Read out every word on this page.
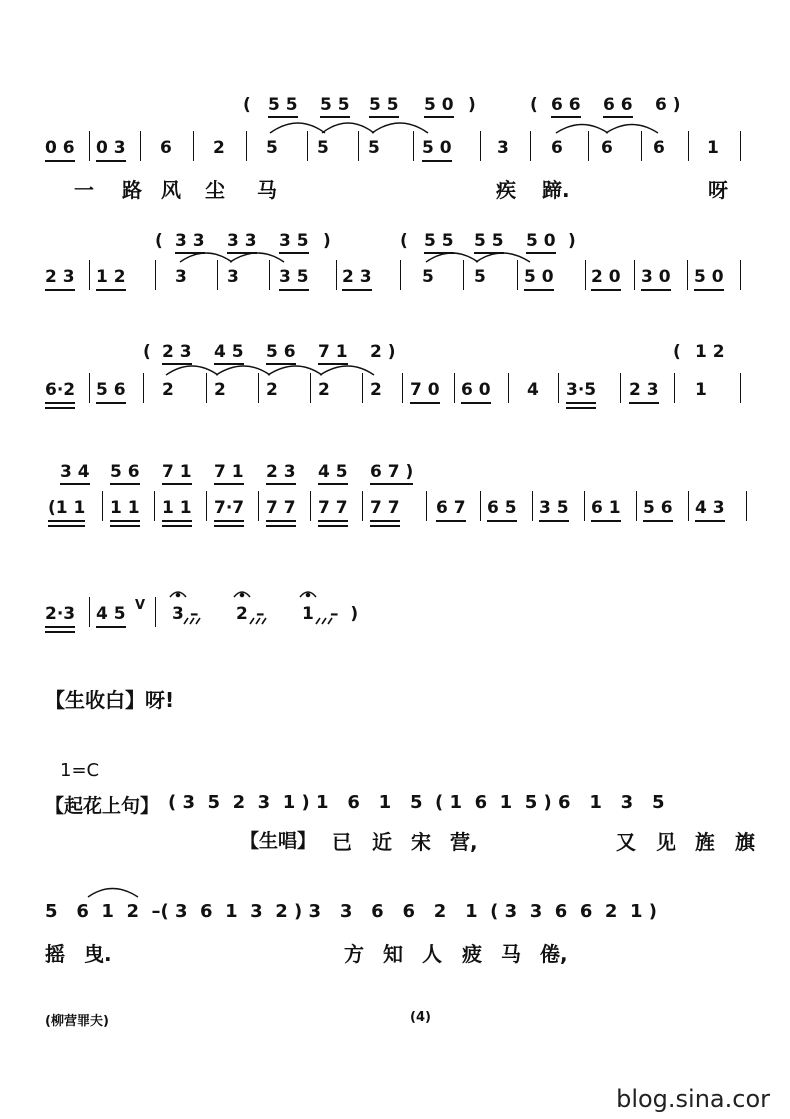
( 5 5 5 5 5 5 5 0 )	( 6 6 6 6 6 )
0 6 0 3 6 2 5 5 5 5 0	3 6 6 6 1
一 路 风 尘 马	疾 蹄.	呀
( 3 3 3 3 3 5 )	( 5 5 5 5 5 0 )
2 3 1 2	3 3 3 5 2 3	5 5 5 0 2 0 3 0 5 0
( 2 3 4 5 5 6 7 1 2 )	( 1 2
6·2 5 6 2 2 2 2 2 7 0 6 0 4 3·5 2 3 1
3 4 5 6 7 1 7 1 2 3 4 5 6 7 )
(1 1 1 1 1 1 7·7 7 7 7 7 7 7 6 7 6 5 3 5 6 1 5 6 4 3
2·3 4 5 V 3 – 2 – 1 –  )
【生收白】呀!
1=C
【起花上句】 ( 3  5  2  3  1 ) 1   6   1   5  ( 1  6  1  5 ) 6   1   3   5
【生唱】 已 近 宋 营,	又 见 旌 旗
5   6  1  2  –( 3  6  1  3  2 ) 3   3   6   6   2   1  ( 3  3  6  6  2  1 )
摇 曳.	方 知 人 疲 马 倦,
(柳营罪夫)	(4)
blog.sina.cor
